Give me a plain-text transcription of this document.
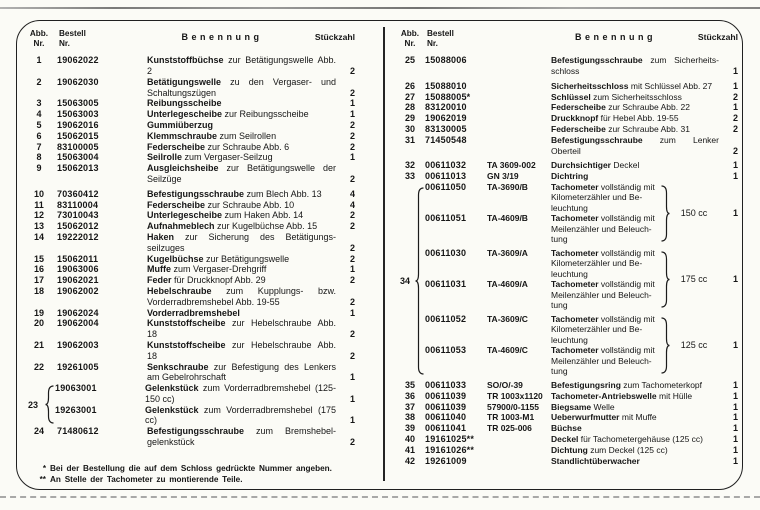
Abb.
Nr.
Bestell
Nr.
Benennung	Stückzahl
1	19062022	Kunststoffbüchse zur Betätigungswelle Abb. 2	2
2	19062030	Betätigungswelle zu den Vergaser- und Schaltungszügen	2
3	15063005	Reibungsscheibe	1
4	15063003	Unterlegescheibe zur Reibungsscheibe	1
5	19062016	Gummiüberzug	2
6	15062015	Klemmschraube zum Seilrollen	2
7	83100005	Federscheibe zur Schraube Abb. 6	2
8	15063004	Seilrolle zum Vergaser-Seilzug	1
9	15062013	Ausgleichsheibe zur Betätigungswelle der Seilzüge	2
10	70360412	Befestigungsschraube zum Blech Abb. 13	4
11	83110004	Federscheibe zur Schraube Abb. 10	4
12	73010043	Unterlegescheibe zum Haken Abb. 14	2
13	15062012	Aufnahmeblech zur Kugelbüchse Abb. 15	2
14	19222012	Haken zur Sicherung des Betätigungsseilzuges	2
15	15062011	Kugelbüchse zur Betätigungswelle	2
16	19063006	Muffe zum Vergaser-Drehgriff	1
17	19062021	Feder für Druckknopf Abb. 29	2
18	19062002	Hebelschraube zum Kupplungs- bzw. Vorderradbremshebel Abb. 19-55	2
19	19062024	Vorderradbremshebel	1
20	19062004	Kunststoffscheibe zur Hebelschraube Abb. 18	2
21	19062003	Kunststoffscheibe zur Hebelschraube Abb. 18	2
22	19261005	Senkschraube zur Befestigung des Lenkers am Gebelrohrschaft	1
23
19063001	Gelenkstück zum Vorderradbremshebel (125-150 cc)	1
19263001	Gelenkstück zum Vorderradbremshebel (175 cc)	1
24	71480612	Befestigungsschraube zum Bremshebelgelenkstück	2
Abb.
Nr.
Bestell
Nr.
Benennung	Stückzahl
25	15088006	Befestigungsschraube zum Sicherheitsschloss	1
26	15088010	Sicherheitsschloss mit Schlüssel Abb. 27	1
27	15088005*	Schlüssel zum Sicherheitsschloss	2
28	83120010	Federscheibe zur Schraube Abb. 22	1
29	19062019	Druckknopf für Hebel Abb. 19-55	2
30	83130005	Federscheibe zur Schraube Abb. 31	2
31	71450548	Befestigungsschraube zum Lenker Oberteil	2
32	00611032	TA 3609-002	Durchsichtiger Deckel	1
33	00611013	GN 3/19	Dichtring	1
34
00611050	TA-3690/B	Tachometer vollständig mit
Kilometerzähler und Be-
leuchtung
00611051	TA-4609/B	Tachometer vollständig mit
Meilenzähler und Beleuch-
tung
150 cc	1
00611030	TA-3609/A	Tachometer vollständig mit
Kilometerzähler und Be-
leuchtung
00611031	TA-4609/A	Tachometer vollständig mit
Meilenzähler und Beleuch-
tung
175 cc	1
00611052	TA-3609/C	Tachometer vollständig mit
Kilometerzähler und Be-
leuchtung
00611053	TA-4609/C	Tachometer vollständig mit
Meilenzähler und Beleuch-
tung
125 cc	1
35	00611033	SO/O/-39	Befestigungsring zum Tachometerkopf	1
36	00611039	TR 1003x1120 Tachometer-Antriebswelle mit Hülle	1
37	00611039	57900/0-1155	Biegsame Welle	1
38	00611040	TR 1003-M1	Ueberwurfmutter mit Muffe	1
39	00611041	TR 025-006	Büchse	1
40	19161025**	Deckel für Tachometergehäuse (125 cc)	1
41	19161026**	Dichtung zum Deckel (125 cc)	1
42	19261009	Standlichtüberwacher	1
* Bei der Bestellung die auf dem Schloss gedrückte Nummer angeben.
** An Stelle der Tachometer zu montierende Teile.
